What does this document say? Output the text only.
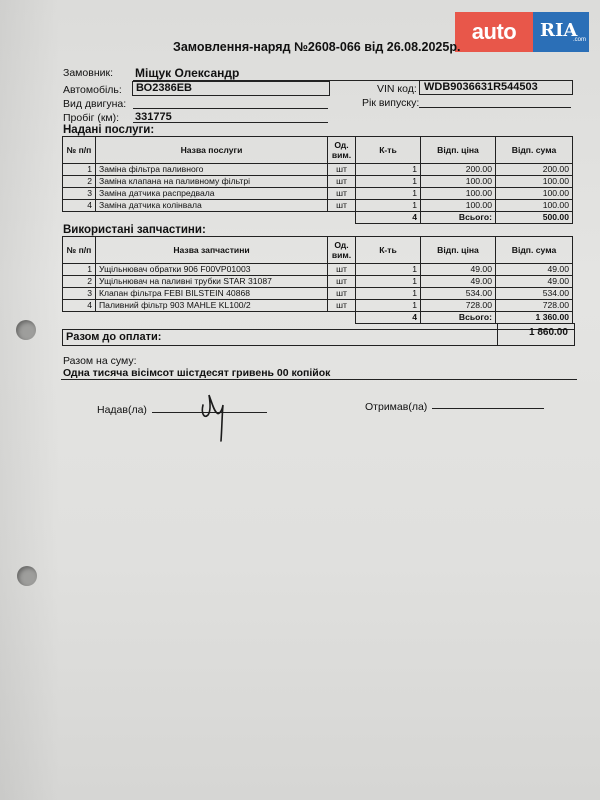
auto	RIA
.com
Замовлення-наряд №2608-066 від 26.08.2025р.
Замовник: Міщук Олександр
Автомобіль: ВО2386ЕВ	VIN код: WDB9036631R544503
Вид двигуна:	Рік випуску:
Пробіг (км): 331775
Надані послуги:
№ п/п	Назва послуги	Од. вим.	К-ть	Відп. ціна	Відп. сума
1	Заміна фільтра паливного	шт	1	200.00	200.00
2	Заміна клапана на паливному фільтрі	шт	1	100.00	100.00
3	Заміна датчика распредвала	шт	1	100.00	100.00
4	Заміна датчика колінвала	шт	1	100.00	100.00
			4	Всього:	500.00
Використані запчастини:
№ п/п	Назва запчастини	Од. вим.	К-ть	Відп. ціна	Відп. сума
1	Ущільнювач обратки 906 F00VP01003	шт	1	49.00	49.00
2	Ущільнювач на паливні трубки STAR 31087	шт	1	49.00	49.00
3	Клапан фільтра FEBI BILSTEIN 40868	шт	1	534.00	534.00
4	Паливний фільтр 903 MAHLE KL100/2	шт	1	728.00	728.00
			4	Всього:	1 360.00
Разом до оплати:	1 860.00
Разом на суму:
Одна тисяча вісімсот шістдесят гривень 00 копійок
Надав(ла)	Отримав(ла)
